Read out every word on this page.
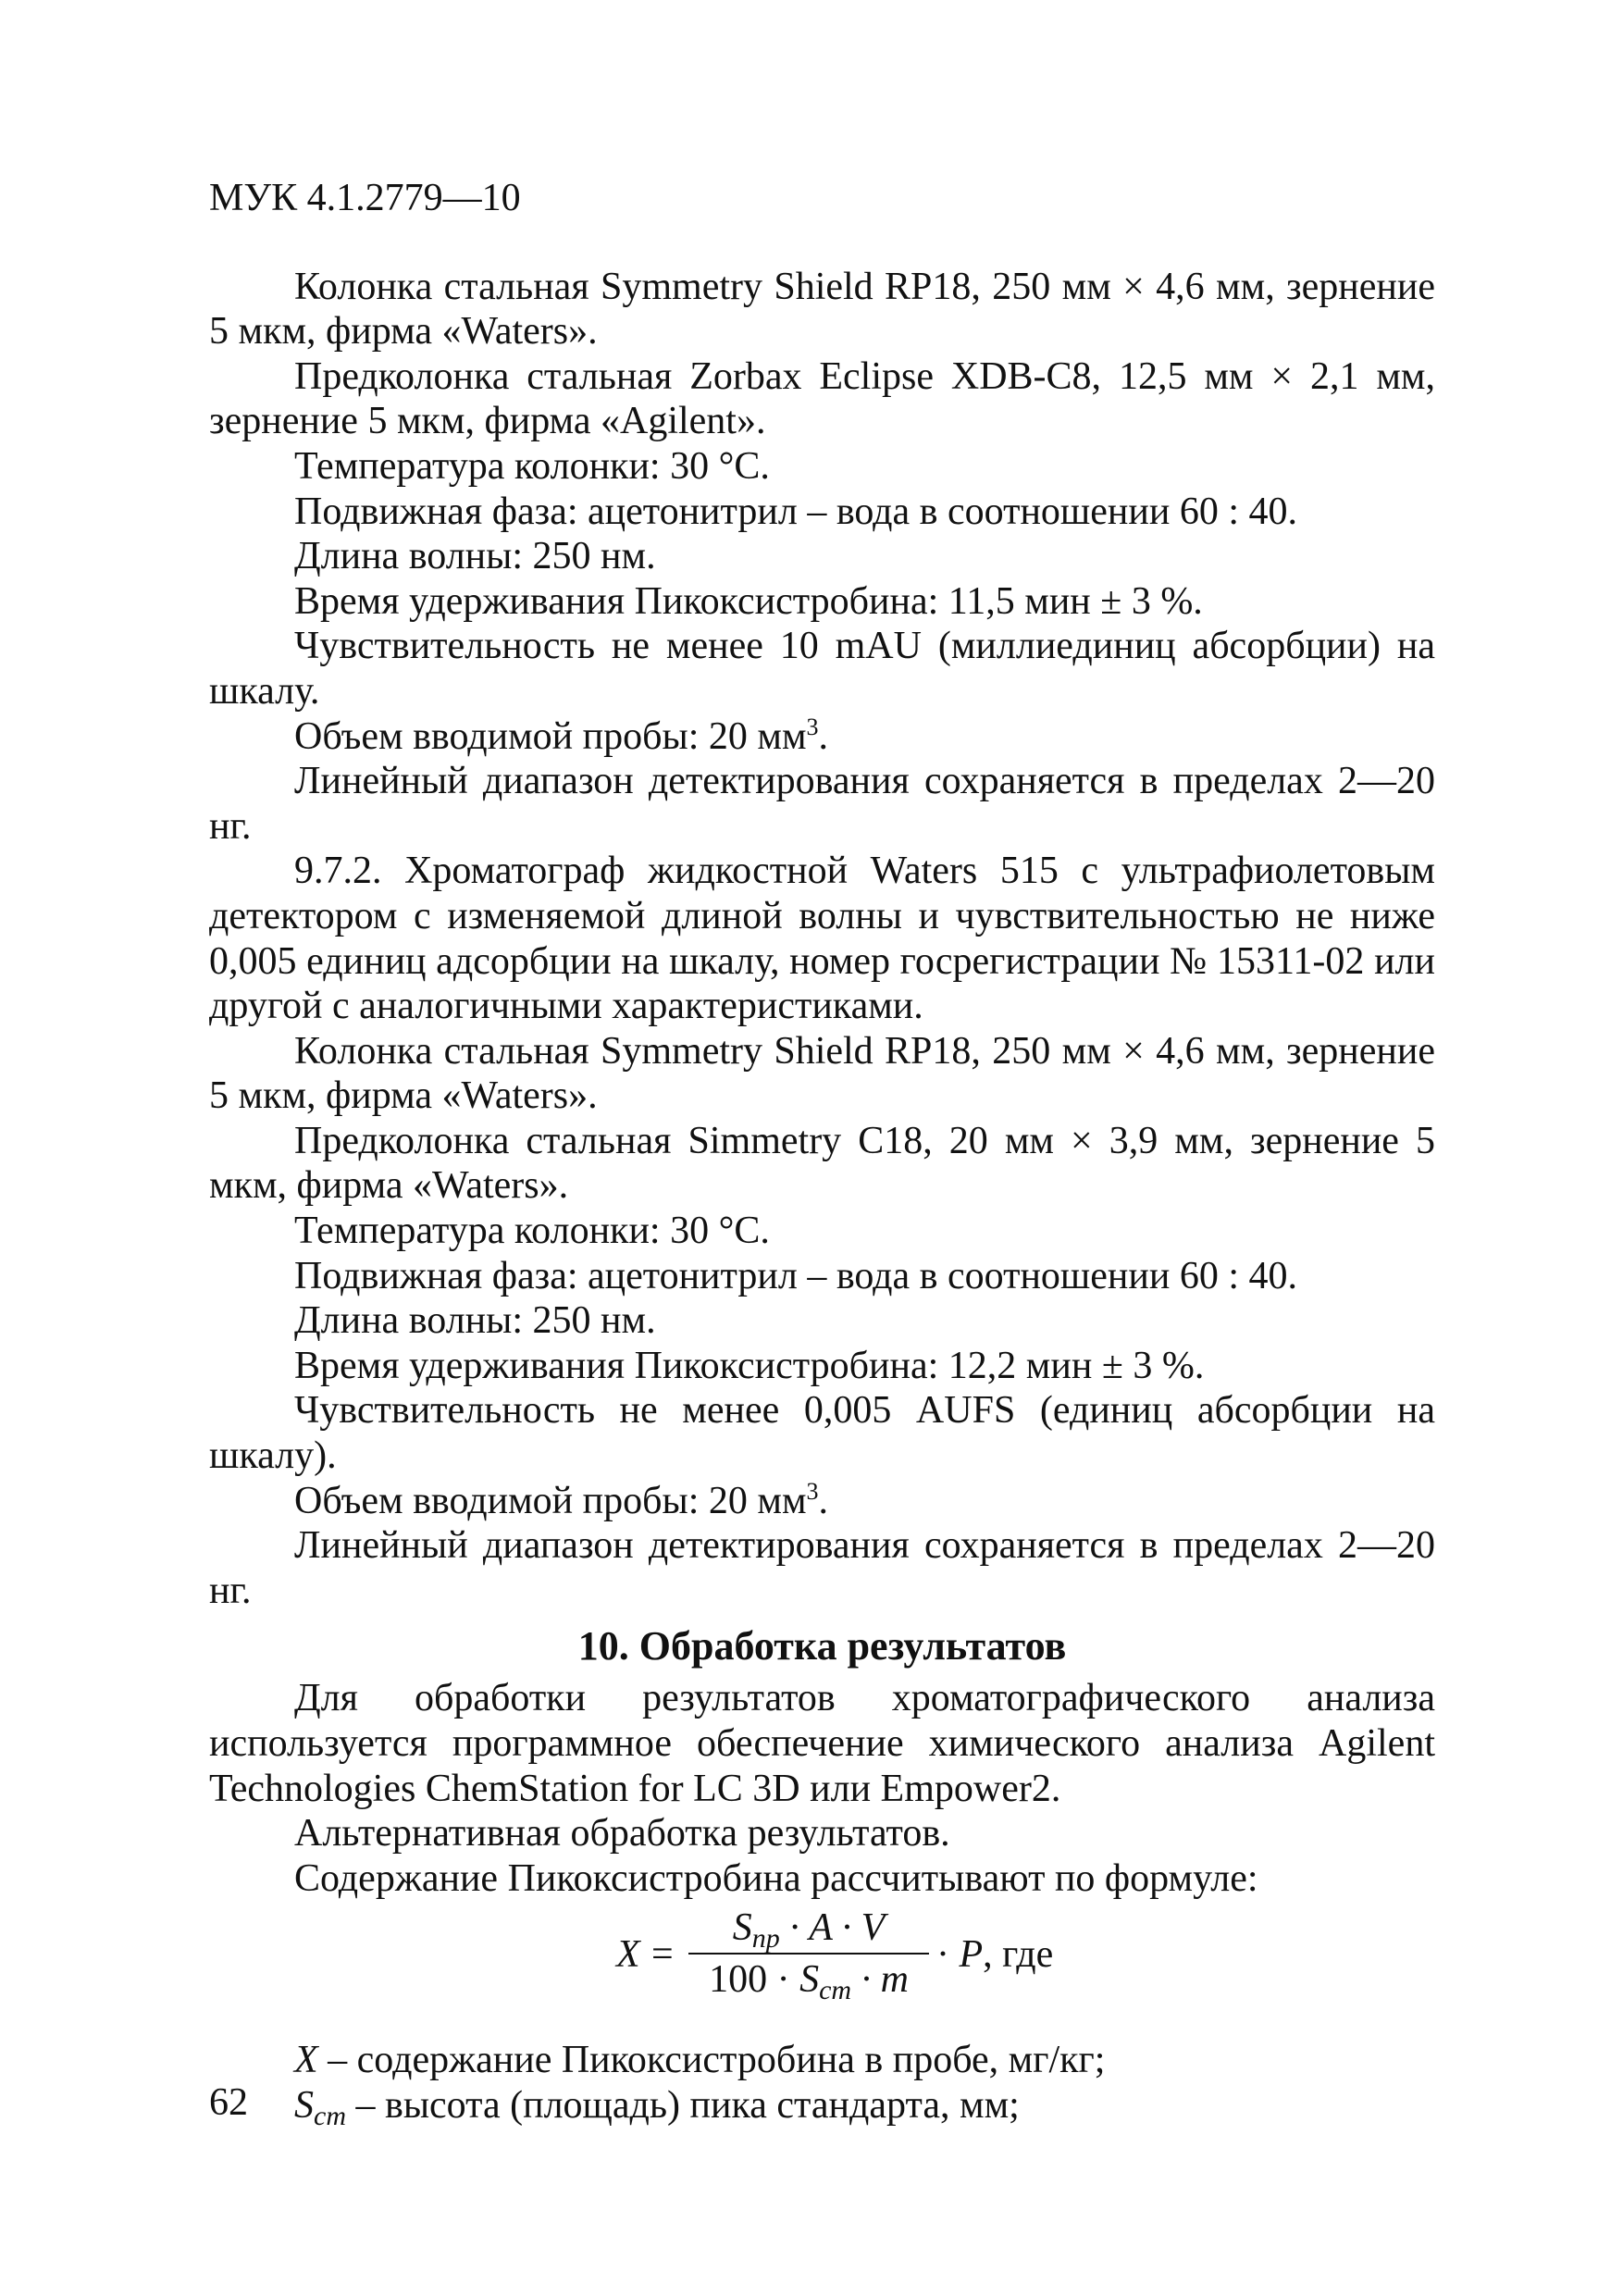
МУК 4.1.2779—10

Колонка стальная Symmetry Shield RP18, 250 мм × 4,6 мм, зернение 5 мкм, фирма «Waters».

Предколонка стальная Zorbax Eclipse XDB-C8, 12,5 мм × 2,1 мм, зернение 5 мкм, фирма «Agilent».

Температура колонки: 30 °С.

Подвижная фаза: ацетонитрил – вода в соотношении 60 : 40.

Длина волны: 250 нм.

Время удерживания Пикоксистробина: 11,5 мин ± 3 %.

Чувствительность не менее 10 mAU (миллиединиц абсорбции) на шкалу.

Объем вводимой пробы: 20 $мм^3$.

Линейный диапазон детектирования сохраняется в пределах 2—20 нг.

9.7.2. Хроматограф жидкостной Waters 515 с ультрафиолетовым детектором с изменяемой длиной волны и чувствительностью не ниже 0,005 единиц адсорбции на шкалу, номер госрегистрации № 15311-02 или другой с аналогичными характеристиками.

Колонка стальная Symmetry Shield RP18, 250 мм × 4,6 мм, зернение 5 мкм, фирма «Waters».

Предколонка стальная Simmetry C18, 20 мм × 3,9 мм, зернение 5 мкм, фирма «Waters».

Температура колонки: 30 °С.

Подвижная фаза: ацетонитрил – вода в соотношении 60 : 40.

Длина волны: 250 нм.

Время удерживания Пикоксистробина: 12,2 мин ± 3 %.

Чувствительность не менее 0,005 AUFS (единиц абсорбции на шкалу).

Объем вводимой пробы: 20 $мм^3$.

Линейный диапазон детектирования сохраняется в пределах 2—20 нг.

10. Обработка результатов

Для обработки результатов хроматографического анализа используется программное обеспечение химического анализа Agilent Technologies ChemStation for LC 3D или Empower2.

Альтернативная обработка результатов.

Содержание Пикоксистробина рассчитывают по формуле:

X =
$S_{пр} \cdot A \cdot V$
$100 \cdot S_{ст} \cdot m$
· P, где

X – содержание Пикоксистробина в пробе, мг/кг;

$S_{ст}$ – высота (площадь) пика стандарта, мм;

62
